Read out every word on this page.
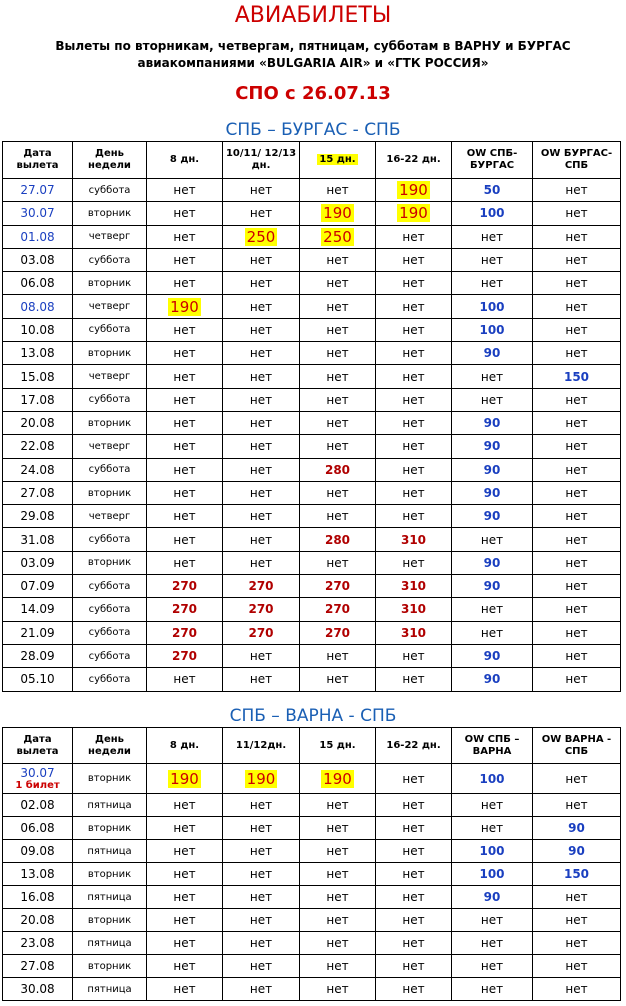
АВИАБИЛЕТЫ
Вылеты по вторникам, четвергам, пятницам, субботам в ВАРНУ и БУРГАС
авиакомпаниями «BULGARIA AIR» и «ГТК РОССИЯ»
СПО с 26.07.13
СПБ – БУРГАС - СПБ
Дата вылета	День недели	8 дн.	10/11/ 12/13 дн.	15 дн.	16-22 дн.	OW СПБ-БУРГАС	OW БУРГАС-СПБ
27.07	суббота	нет	нет	нет	190	50	нет
30.07	вторник	нет	нет	190	190	100	нет
01.08	четверг	нет	250	250	нет	нет	нет
03.08	суббота	нет	нет	нет	нет	нет	нет
06.08	вторник	нет	нет	нет	нет	нет	нет
08.08	четверг	190	нет	нет	нет	100	нет
10.08	суббота	нет	нет	нет	нет	100	нет
13.08	вторник	нет	нет	нет	нет	90	нет
15.08	четверг	нет	нет	нет	нет	нет	150
17.08	суббота	нет	нет	нет	нет	нет	нет
20.08	вторник	нет	нет	нет	нет	90	нет
22.08	четверг	нет	нет	нет	нет	90	нет
24.08	суббота	нет	нет	280	нет	90	нет
27.08	вторник	нет	нет	нет	нет	90	нет
29.08	четверг	нет	нет	нет	нет	90	нет
31.08	суббота	нет	нет	280	310	нет	нет
03.09	вторник	нет	нет	нет	нет	90	нет
07.09	суббота	270	270	270	310	90	нет
14.09	суббота	270	270	270	310	нет	нет
21.09	суббота	270	270	270	310	нет	нет
28.09	суббота	270	нет	нет	нет	90	нет
05.10	суббота	нет	нет	нет	нет	90	нет
СПБ – ВАРНА - СПБ
Дата вылета	День недели	8 дн.	11/12дн.	15 дн.	16-22 дн.	OW СПБ – ВАРНА	OW ВАРНА - СПБ

30.07
1 билет	вторник	190	190	190	нет	100	нет
02.08	пятница	нет	нет	нет	нет	нет	нет
06.08	вторник	нет	нет	нет	нет	нет	90
09.08	пятница	нет	нет	нет	нет	100	90
13.08	вторник	нет	нет	нет	нет	100	150
16.08	пятница	нет	нет	нет	нет	90	нет
20.08	вторник	нет	нет	нет	нет	нет	нет
23.08	пятница	нет	нет	нет	нет	нет	нет
27.08	вторник	нет	нет	нет	нет	нет	нет
30.08	пятница	нет	нет	нет	нет	нет	нет
